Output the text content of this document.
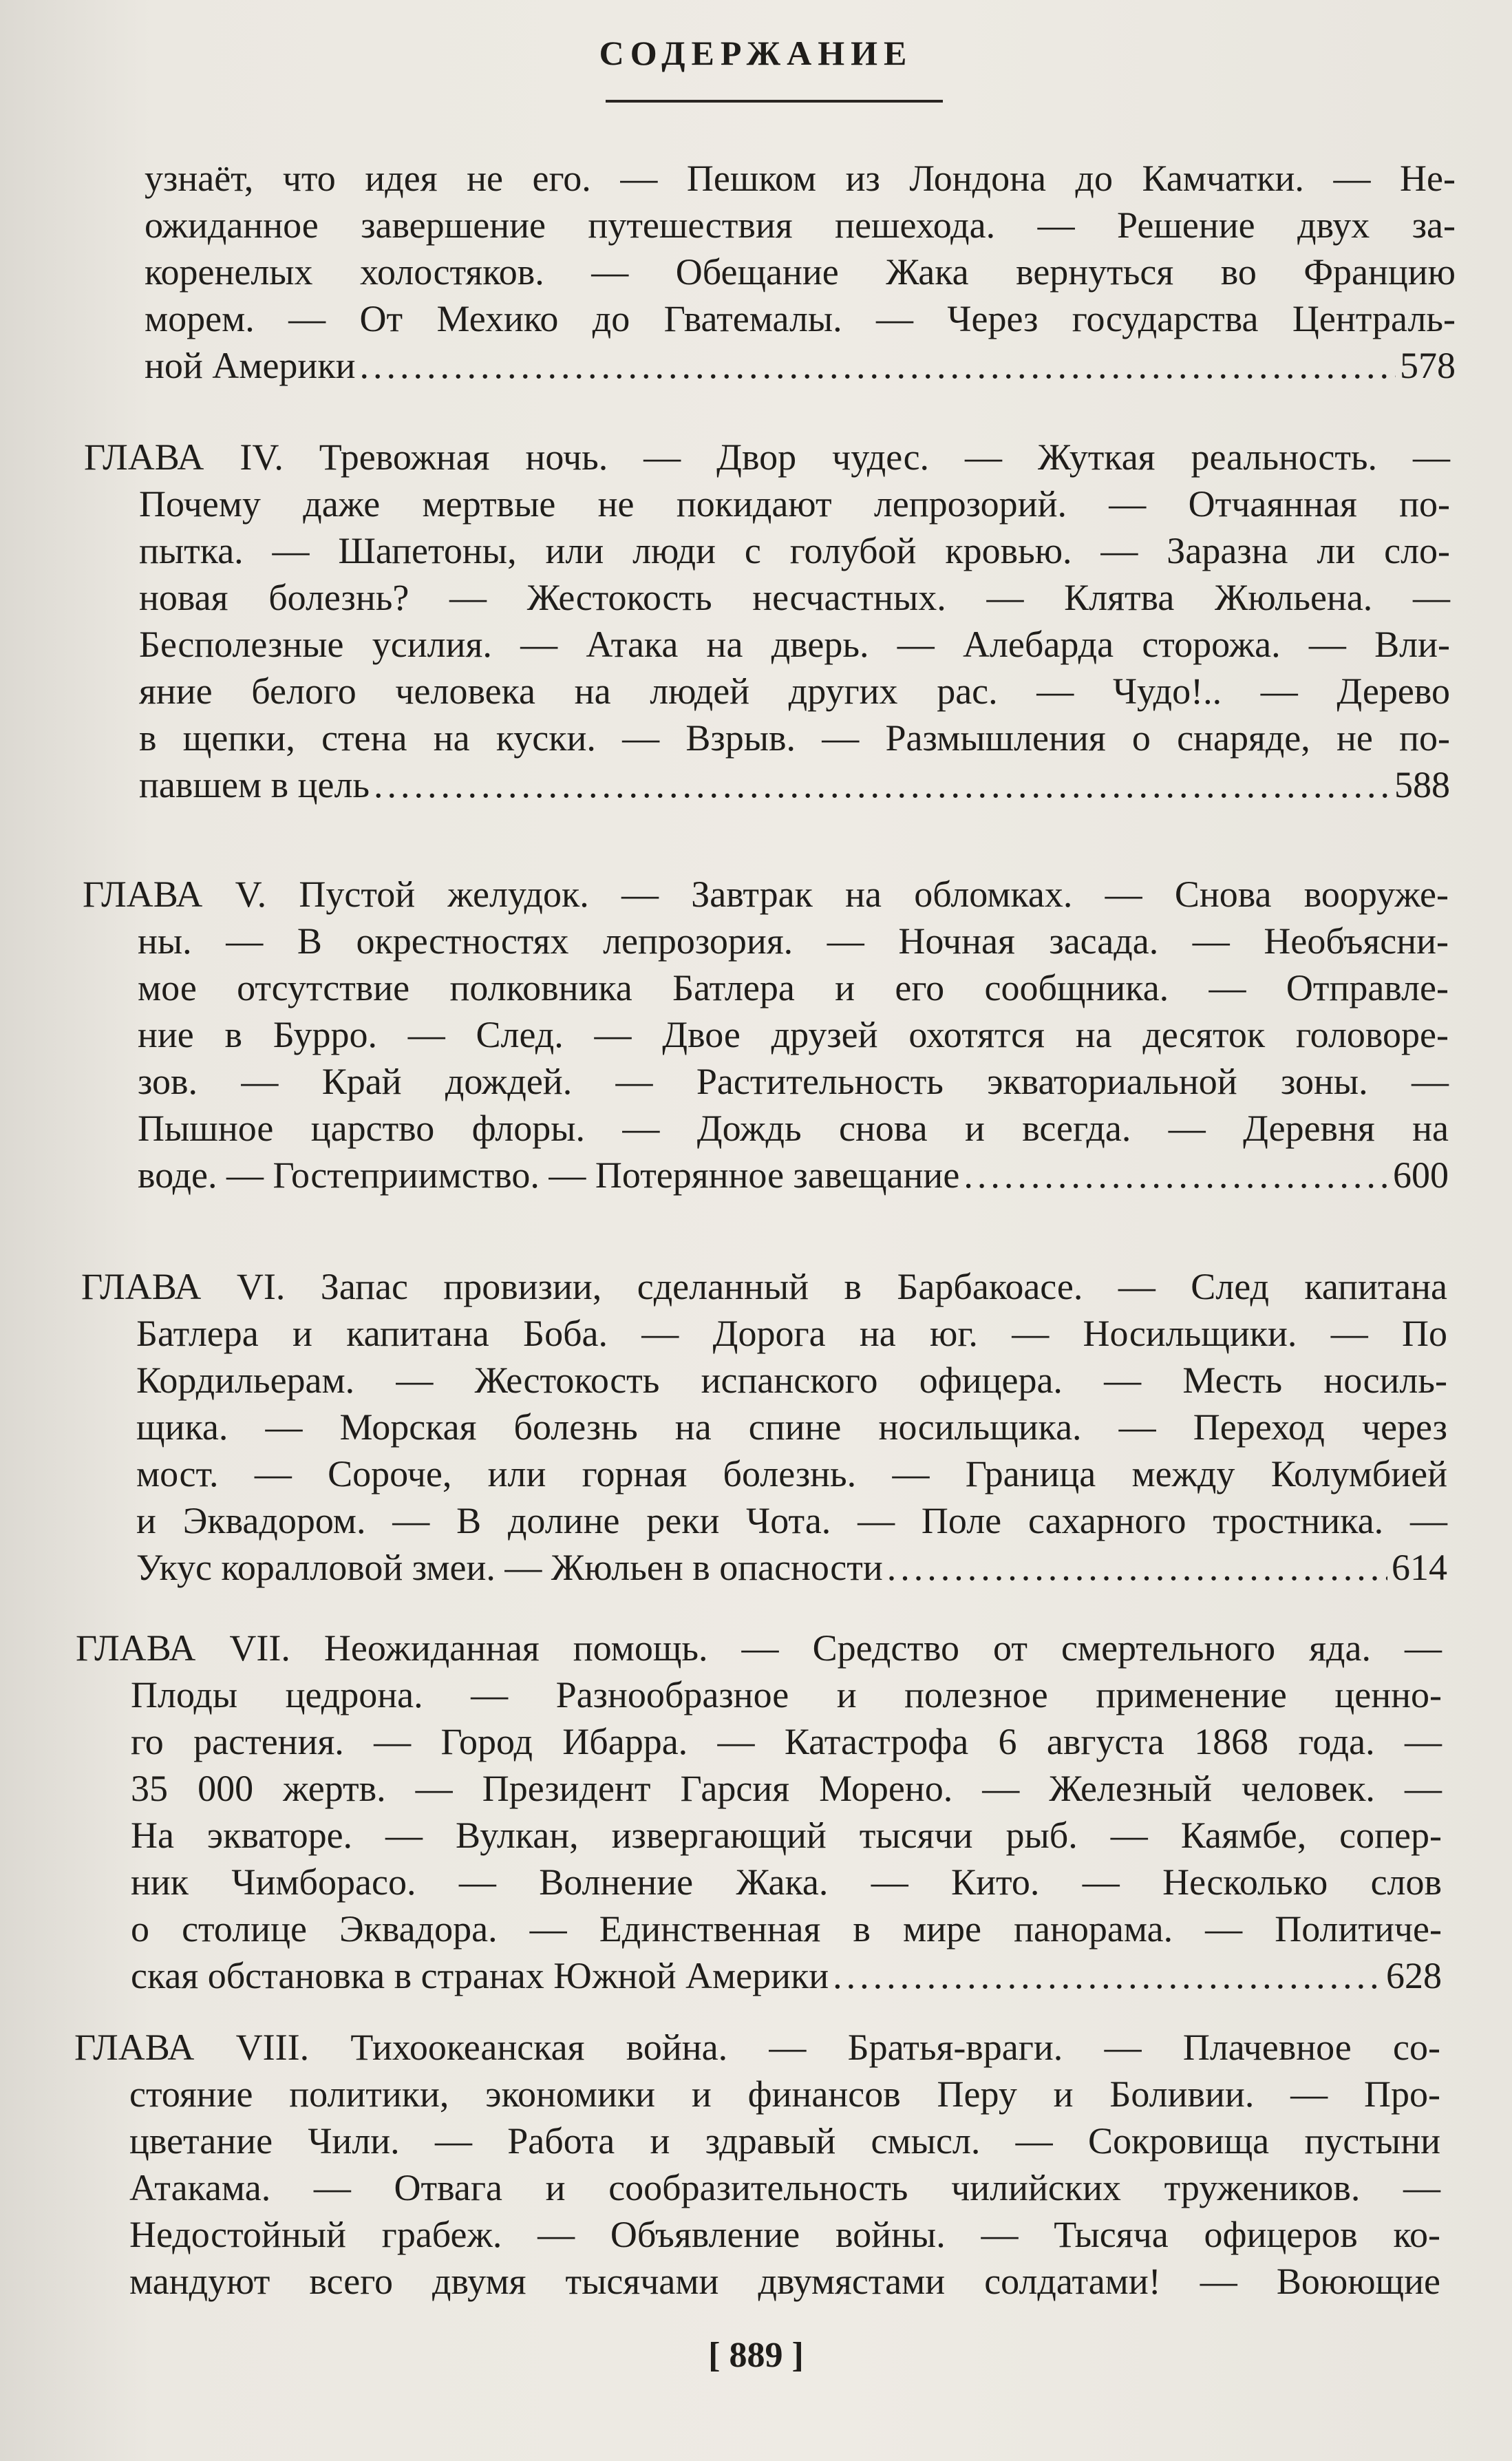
СОДЕРЖАНИЕ
узнаёт, что идея не его. — Пешком из Лондона до Камчатки. — Не-
ожиданное завершение путешествия пешехода. — Решение двух за-
коренелых холостяков. — Обещание Жака вернуться во Францию
морем. — От Мехико до Гватемалы. — Через государства Централь-
ной Америки .....	578
ГЛАВА IV. Тревожная ночь. — Двор чудес. — Жуткая реальность. —
Почему даже мертвые не покидают лепрозорий. — Отчаянная по-
пытка. — Шапетоны, или люди с голубой кровью. — Заразна ли сло-
новая болезнь? — Жестокость несчастных. — Клятва Жюльена. —
Бесполезные усилия. — Атака на дверь. — Алебарда сторожа. — Вли-
яние белого человека на людей других рас. — Чудо!.. — Дерево
в щепки, стена на куски. — Взрыв. — Размышления о снаряде, не по-
павшем в цель .....	588
ГЛАВА V. Пустой желудок. — Завтрак на обломках. — Снова вооруже-
ны. — В окрестностях лепрозория. — Ночная засада. — Необъясни-
мое отсутствие полковника Батлера и его сообщника. — Отправле-
ние в Бурро. — След. — Двое друзей охотятся на десяток головоре-
зов. — Край дождей. — Растительность экваториальной зоны. —
Пышное царство флоры. — Дождь снова и всегда. — Деревня на
воде. — Гостеприимство. — Потерянное завещание .....	600
ГЛАВА VI. Запас провизии, сделанный в Барбакоасе. — След капитана
Батлера и капитана Боба. — Дорога на юг. — Носильщики. — По
Кордильерам. — Жестокость испанского офицера. — Месть носиль-
щика. — Морская болезнь на спине носильщика. — Переход через
мост. — Сороче, или горная болезнь. — Граница между Колумбией
и Эквадором. — В долине реки Чота. — Поле сахарного тростника. —
Укус коралловой змеи. — Жюльен в опасности .....	614
ГЛАВА VII. Неожиданная помощь. — Средство от смертельного яда. —
Плоды цедрона. — Разнообразное и полезное применение ценно-
го растения. — Город Ибарра. — Катастрофа 6 августа 1868 года. —
35 000 жертв. — Президент Гарсия Морено. — Железный человек. —
На экваторе. — Вулкан, извергающий тысячи рыб. — Каямбе, сопер-
ник Чимборасо. — Волнение Жака. — Кито. — Несколько слов
о столице Эквадора. — Единственная в мире панорама. — Политиче-
ская обстановка в странах Южной Америки .....	628
ГЛАВА VIII. Тихоокеанская война. — Братья-враги. — Плачевное со-
стояние политики, экономики и финансов Перу и Боливии. — Про-
цветание Чили. — Работа и здравый смысл. — Сокровища пустыни
Атакама. — Отвага и сообразительность чилийских тружеников. —
Недостойный грабеж. — Объявление войны. — Тысяча офицеров ко-
мандуют всего двумя тысячами двумястами солдатами! — Воюющие
[ 889 ]
